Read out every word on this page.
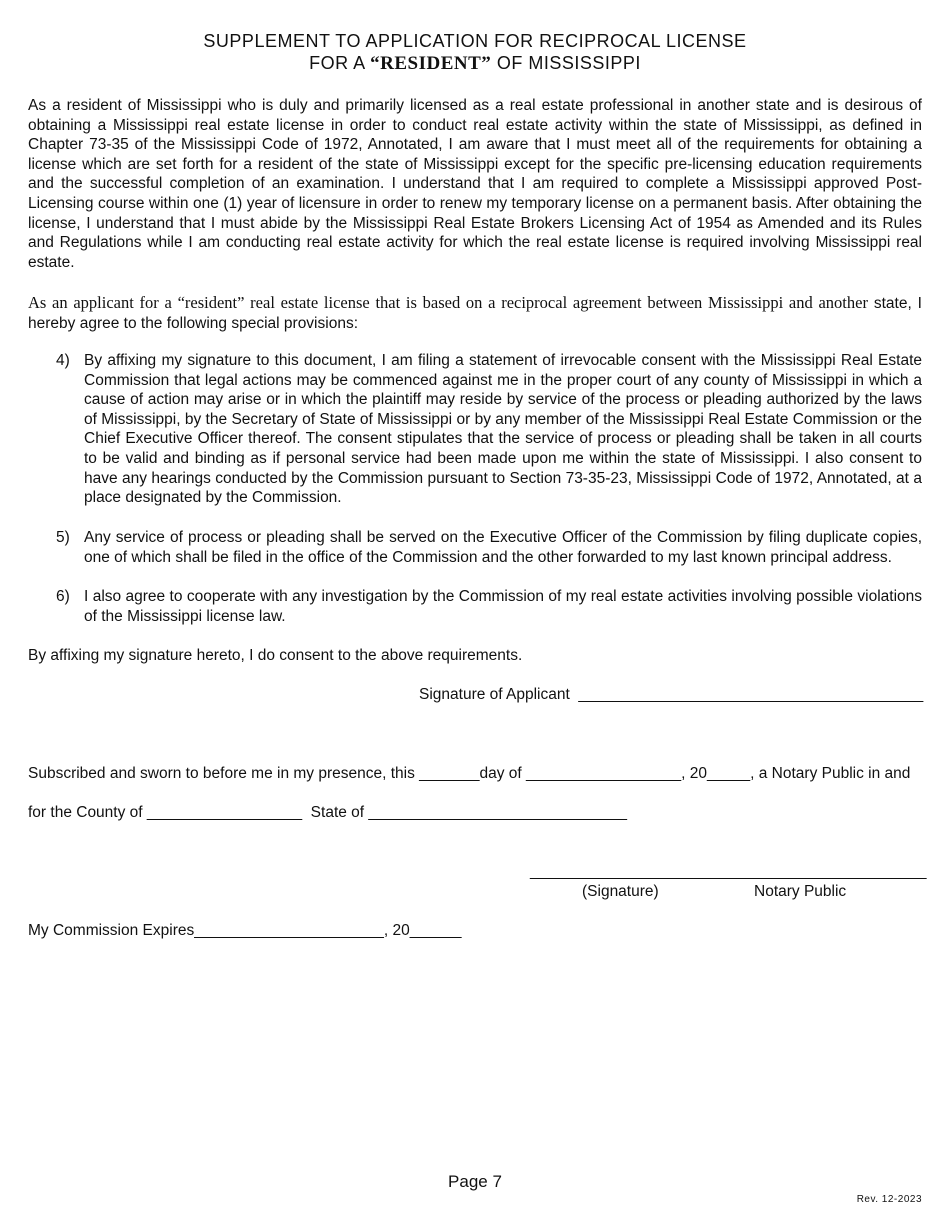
SUPPLEMENT TO APPLICATION FOR RECIPROCAL LICENSE
FOR A “RESIDENT” OF MISSISSIPPI

As a resident of Mississippi who is duly and primarily licensed as a real estate professional in another state and is desirous of obtaining a Mississippi real estate license in order to conduct real estate activity within the state of Mississippi, as defined in Chapter 73-35 of the Mississippi Code of 1972, Annotated, I am aware that I must meet all of the requirements for obtaining a license which are set forth for a resident of the state of Mississippi except for the specific pre-licensing education requirements and the successful completion of an examination. I understand that I am required to complete a Mississippi approved Post-Licensing course within one (1) year of licensure in order to renew my temporary license on a permanent basis. After obtaining the license, I understand that I must abide by the Mississippi Real Estate Brokers Licensing Act of 1954 as Amended and its Rules and Regulations while I am conducting real estate activity for which the real estate license is required involving Mississippi real estate.

As an applicant for a “resident” real estate license that is based on a reciprocal agreement between Mississippi and another state, I hereby agree to the following special provisions:

4) By affixing my signature to this document, I am filing a statement of irrevocable consent with the Mississippi Real Estate Commission that legal actions may be commenced against me in the proper court of any county of Mississippi in which a cause of action may arise or in which the plaintiff may reside by service of the process or pleading authorized by the laws of Mississippi, by the Secretary of State of Mississippi or by any member of the Mississippi Real Estate Commission or the Chief Executive Officer thereof. The consent stipulates that the service of process or pleading shall be taken in all courts to be valid and binding as if personal service had been made upon me within the state of Mississippi. I also consent to have any hearings conducted by the Commission pursuant to Section 73-35-23, Mississippi Code of 1972, Annotated, at a place designated by the Commission.
5) Any service of process or pleading shall be served on the Executive Officer of the Commission by filing duplicate copies, one of which shall be filed in the office of the Commission and the other forwarded to my last known principal address.
6) I also agree to cooperate with any investigation by the Commission of my real estate activities involving possible violations of the Mississippi license law.
By affixing my signature hereto, I do consent to the above requirements.
Signature of Applicant  ________________________________________
Subscribed and sworn to before me in my presence, this _______day of __________________, 20_____, a Notary Public in and
for the County of __________________  State of ______________________________
______________________________________________
(Signature)	Notary Public
My Commission Expires______________________, 20______
Page 7
Rev. 12-2023
